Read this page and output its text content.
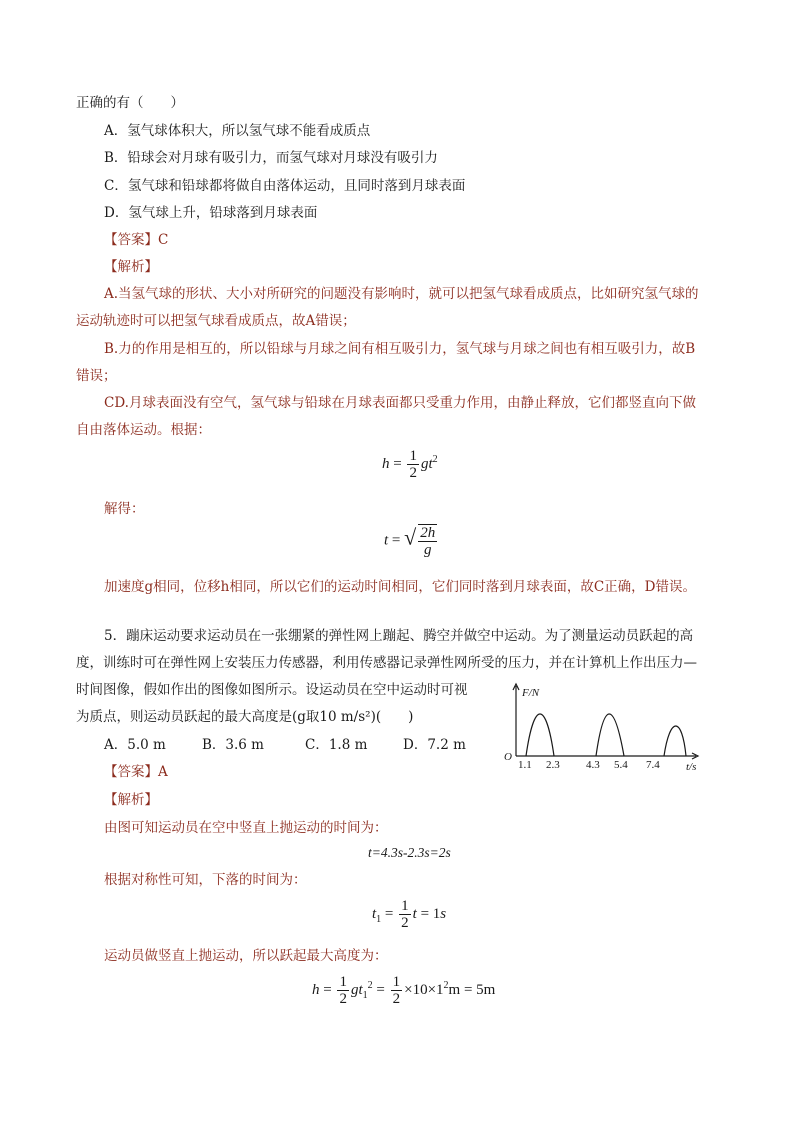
正确的有（　　）
A．氢气球体积大，所以氢气球不能看成质点
B．铅球会对月球有吸引力，而氢气球对月球没有吸引力
C．氢气球和铅球都将做自由落体运动，且同时落到月球表面
D．氢气球上升，铅球落到月球表面
【答案】C
【解析】
A.当氢气球的形状、大小对所研究的问题没有影响时，就可以把氢气球看成质点，比如研究氢气球的
运动轨迹时可以把氢气球看成质点，故A错误；
B.力的作用是相互的，所以铅球与月球之间有相互吸引力，氢气球与月球之间也有相互吸引力，故B
错误；
CD.月球表面没有空气，氢气球与铅球在月球表面都只受重力作用，由静止释放，它们都竖直向下做
自由落体运动。根据：
$h = \frac{1}{2} gt^2$
解得：
t = √ $\frac{2h}{g}$
加速度g相同，位移h相同，所以它们的运动时间相同，它们同时落到月球表面，故C正确，D错误。
5．蹦床运动要求运动员在一张绷紧的弹性网上蹦起、腾空并做空中运动。为了测量运动员跃起的高
度，训练时可在弹性网上安装压力传感器，利用传感器记录弹性网所受的压力，并在计算机上作出压力—
时间图像，假如作出的图像如图所示。设运动员在空中运动时可视
为质点，则运动员跃起的最大高度是(g取10 m/s²)(　　)
A．5.0 m	B．3.6 m	C．1.8 m	D．7.2 m
F/N
O
1.1 2.3 4.3 5.4 7.4 t/s
【答案】A
【解析】
由图可知运动员在空中竖直上抛运动的时间为：
t=4.3s-2.3s=2s
根据对称性可知，下落的时间为：
$t_1 = \frac{1}{2}$ t = 1s
运动员做竖直上抛运动，所以跃起最大高度为：
$h = \frac{1}{2} gt_1^2 = \frac{1}{2} \times 10\times 1^2m = 5m$
